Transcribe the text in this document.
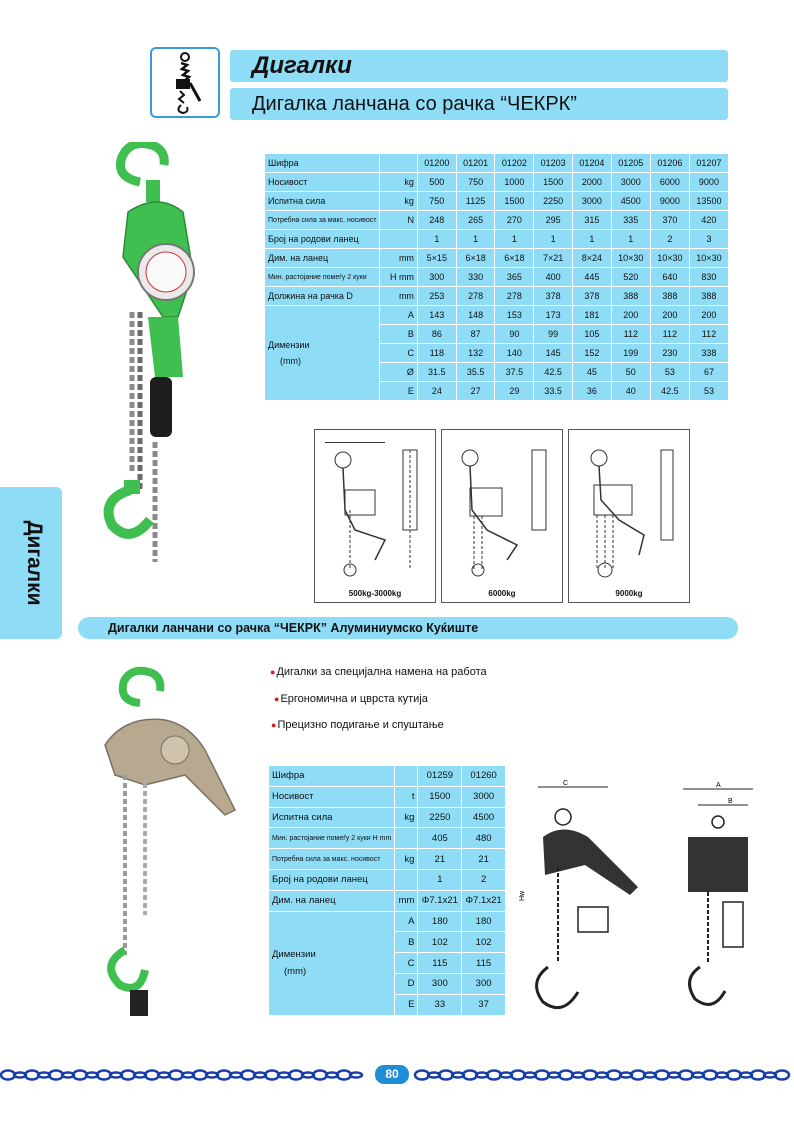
Дигалки
Дигалка ланчана со рачка “ЧЕКРК”
Дигалки
Шифра		01200	01201	01202	01203	01204	01205	01206	01207
Носивост	kg	500	750	1000	1500	2000	3000	6000	9000
Испитна сила	kg	750	1125	1500	2250	3000	4500	9000	13500
Потребна сила за макс. носивост	N	248	265	270	295	315	335	370	420
Број на родови ланец		1	1	1	1	1	1	2	3
Дим. на ланец	mm	5×15	6×18	6×18	7×21	8×24	10×30	10×30	10×30
Мин. растојание помеѓу 2 куки	H mm	300	330	365	400	445	520	640	830
Должина на рачка D	mm	253	278	278	378	378	388	388	388

Димензии
(mm)	A	143	148	153	173	181	200	200	200
	B	86	87	90	99	105	112	112	112
	C	118	132	140	145	152	199	230	338
	Ø	31.5	35.5	37.5	42.5	45	50	53	67
	E	24	27	29	33.5	36	40	42.5	53
500kg-3000kg	6000kg	9000kg
Дигалки ланчани со рачка “ЧЕКРК” Алуминиумско Куќиште
●Дигалки за специјална намена на работа
●Ергономична и цврста кутија
●Прецизно подигање и спуштање
Шифра		01259	01260
Носивост	t	1500	3000
Испитна сила	kg	2250	4500
Мин. растојание помеѓу 2 куки H mm		405	480
Потребна сила за макс. носивост	kg	21	21
Број на родови ланец		1	2
Дим. на ланец	mm	Φ7.1x21	Φ7.1x21

Димензии
(mm)	A	180	180
	B	102	102
	C	115	115
	D	300	300
	E	33	37
C
Hw
A
B
80
